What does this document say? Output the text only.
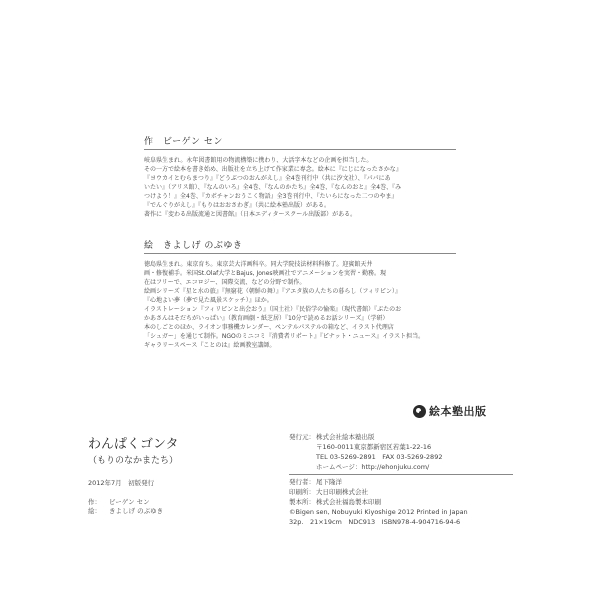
作　ビーゲン セン
岐阜県生まれ。永年図書館用の物流構築に携わり、大活字本などの企画を担当した。
その一方で絵本を書き始め、出版社を立ち上げて作家業に専念。絵本に『にじになったさかな』
『ヨウカイとむらまつり』『どうぶつのおんがえし』全4巻刊行中（共に汐文社）、『パパにあ
いたい』（アリス館）、『なんのいろ』全4巻、『なんのかたち』全4巻、『なんのおと』全4巻、『み
つけよう！』全4巻、『カボチャンおうこく物語』全3巻刊行中、『たいらになった二つのやま』
『でんぐりがえし』『もりはおおさわぎ』（共に絵本塾出版）がある。
著作に『変わる出版流通と図書館』（日本エディタースクール出版部）がある。
絵　きよしげ のぶゆき
徳島県生まれ。東京育ち。東京芸大洋画科卒。同大学院技法材料科修了。迎賓館天井
画・修復補手。米国St.Olaf大学とBajus, Jones映画社でアニメーションを実習・勤務。現
在はフリーで、エコロジー、国際交流、などの分野で制作。
絵画シリーズ『星と水の旅』『無窮花（朝鮮の舞）』『アエタ族の人たちの暮らし（フィリピン）』
『心地よい夢（夢で見た風景スケッチ）』ほか。
イラストレーション『フィリピンと出会おう』（国土社）『民俗学の愉楽』（現代書館）『ぶたのお
かあさんはそだちがいっぱい』（教育画劇・紙芝居）『10分で読めるお話シリーズ』（学研）
本のしごとのほか、ライオン事務機カレンダー、ぺンテルパステルの箱など、イラスト代理店
「シュガー」を通じて制作。NGOのミニコミ『消費者リポート』『ピナット・ニュース』イラスト担当。
ギャラリースペース『ことのは』絵画教室講師。
絵本塾出版
わんぱくゴンタ
（もりのなかまたち）
2012年7月　初版発行
作： ビーゲン セン
絵： きよしげ のぶゆき
発行元： 株式会社絵本塾出版
〒160-0011東京都新宿区若葉1-22-16
TEL 03-5269-2891　FAX 03-5269-2892
ホームページ：http://ehonjuku.com/
発行者： 尾下隆洋
印刷所： 大日印刷株式会社
製本所： 株式会社福島製本印刷
©Bigen sen, Nobuyuki Kiyoshige 2012 Printed in Japan
32p.　21×19cm　NDC913　ISBN978-4-904716-94-6
